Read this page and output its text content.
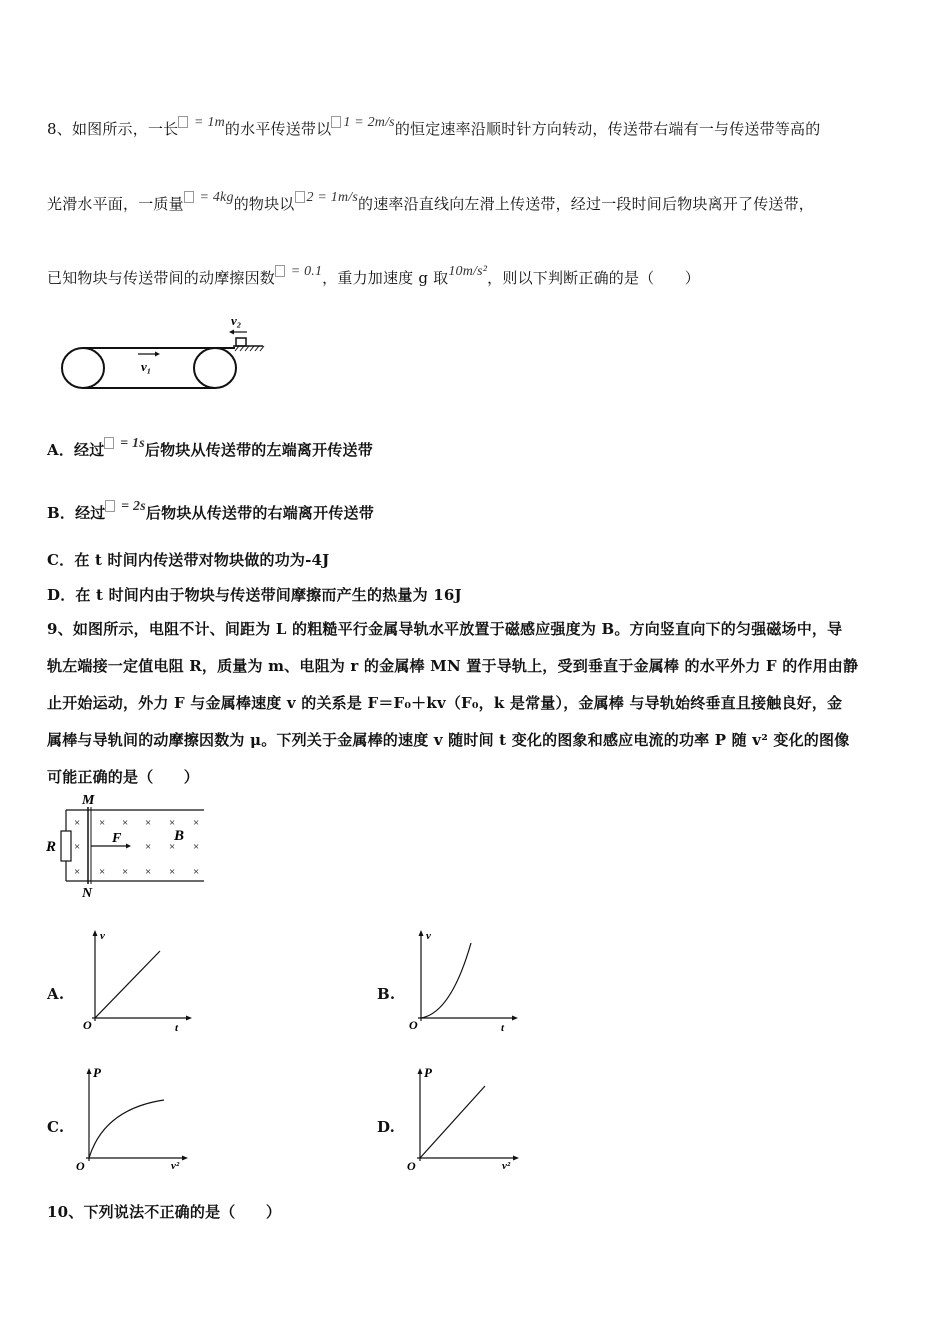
8、如图所示，一长 = 1m的水平传送带以 1 = 2m/s的恒定速率沿顺时针方向转动，传送带右端有一与传送带等高的
光滑水平面，一质量 = 4kg的物块以 2 = 1m/s的速率沿直线向左滑上传送带，经过一段时间后物块离开了传送带，
已知物块与传送带间的动摩擦因数 = 0.1，重力加速度 g 取10m/s²，则以下判断正确的是（　　）
v₂
v₁
A．经过 = 1s后物块从传送带的左端离开传送带
B．经过 = 2s后物块从传送带的右端离开传送带
C．在 t 时间内传送带对物块做的功为-4J
D．在 t 时间内由于物块与传送带间摩擦而产生的热量为 16J
9、如图所示，电阻不计、间距为 L 的粗糙平行金属导轨水平放置于磁感应强度为 B。方向竖直向下的匀强磁场中，导
轨左端接一定值电阻 R，质量为 m、电阻为 r 的金属棒 MN 置于导轨上，受到垂直于金属棒 的水平外力 F 的作用由静
止开始运动，外力 F 与金属棒速度 v 的关系是 F＝F₀＋kv（F₀，k 是常量），金属棒 与导轨始终垂直且接触良好，金
属棒与导轨间的动摩擦因数为 μ。下列关于金属棒的速度 v 随时间 t 变化的图象和感应电流的功率 P 随 v² 变化的图像
可能正确的是（　　）
R
M
N
F	B
×
×
×
×
×
×
×
×
×
×
×
×
×
×
×
×
A.
v
t
O
B.
v
t
O
C.
P
v²
O
D.
P
v²
O
10、下列说法不正确的是（　　）
